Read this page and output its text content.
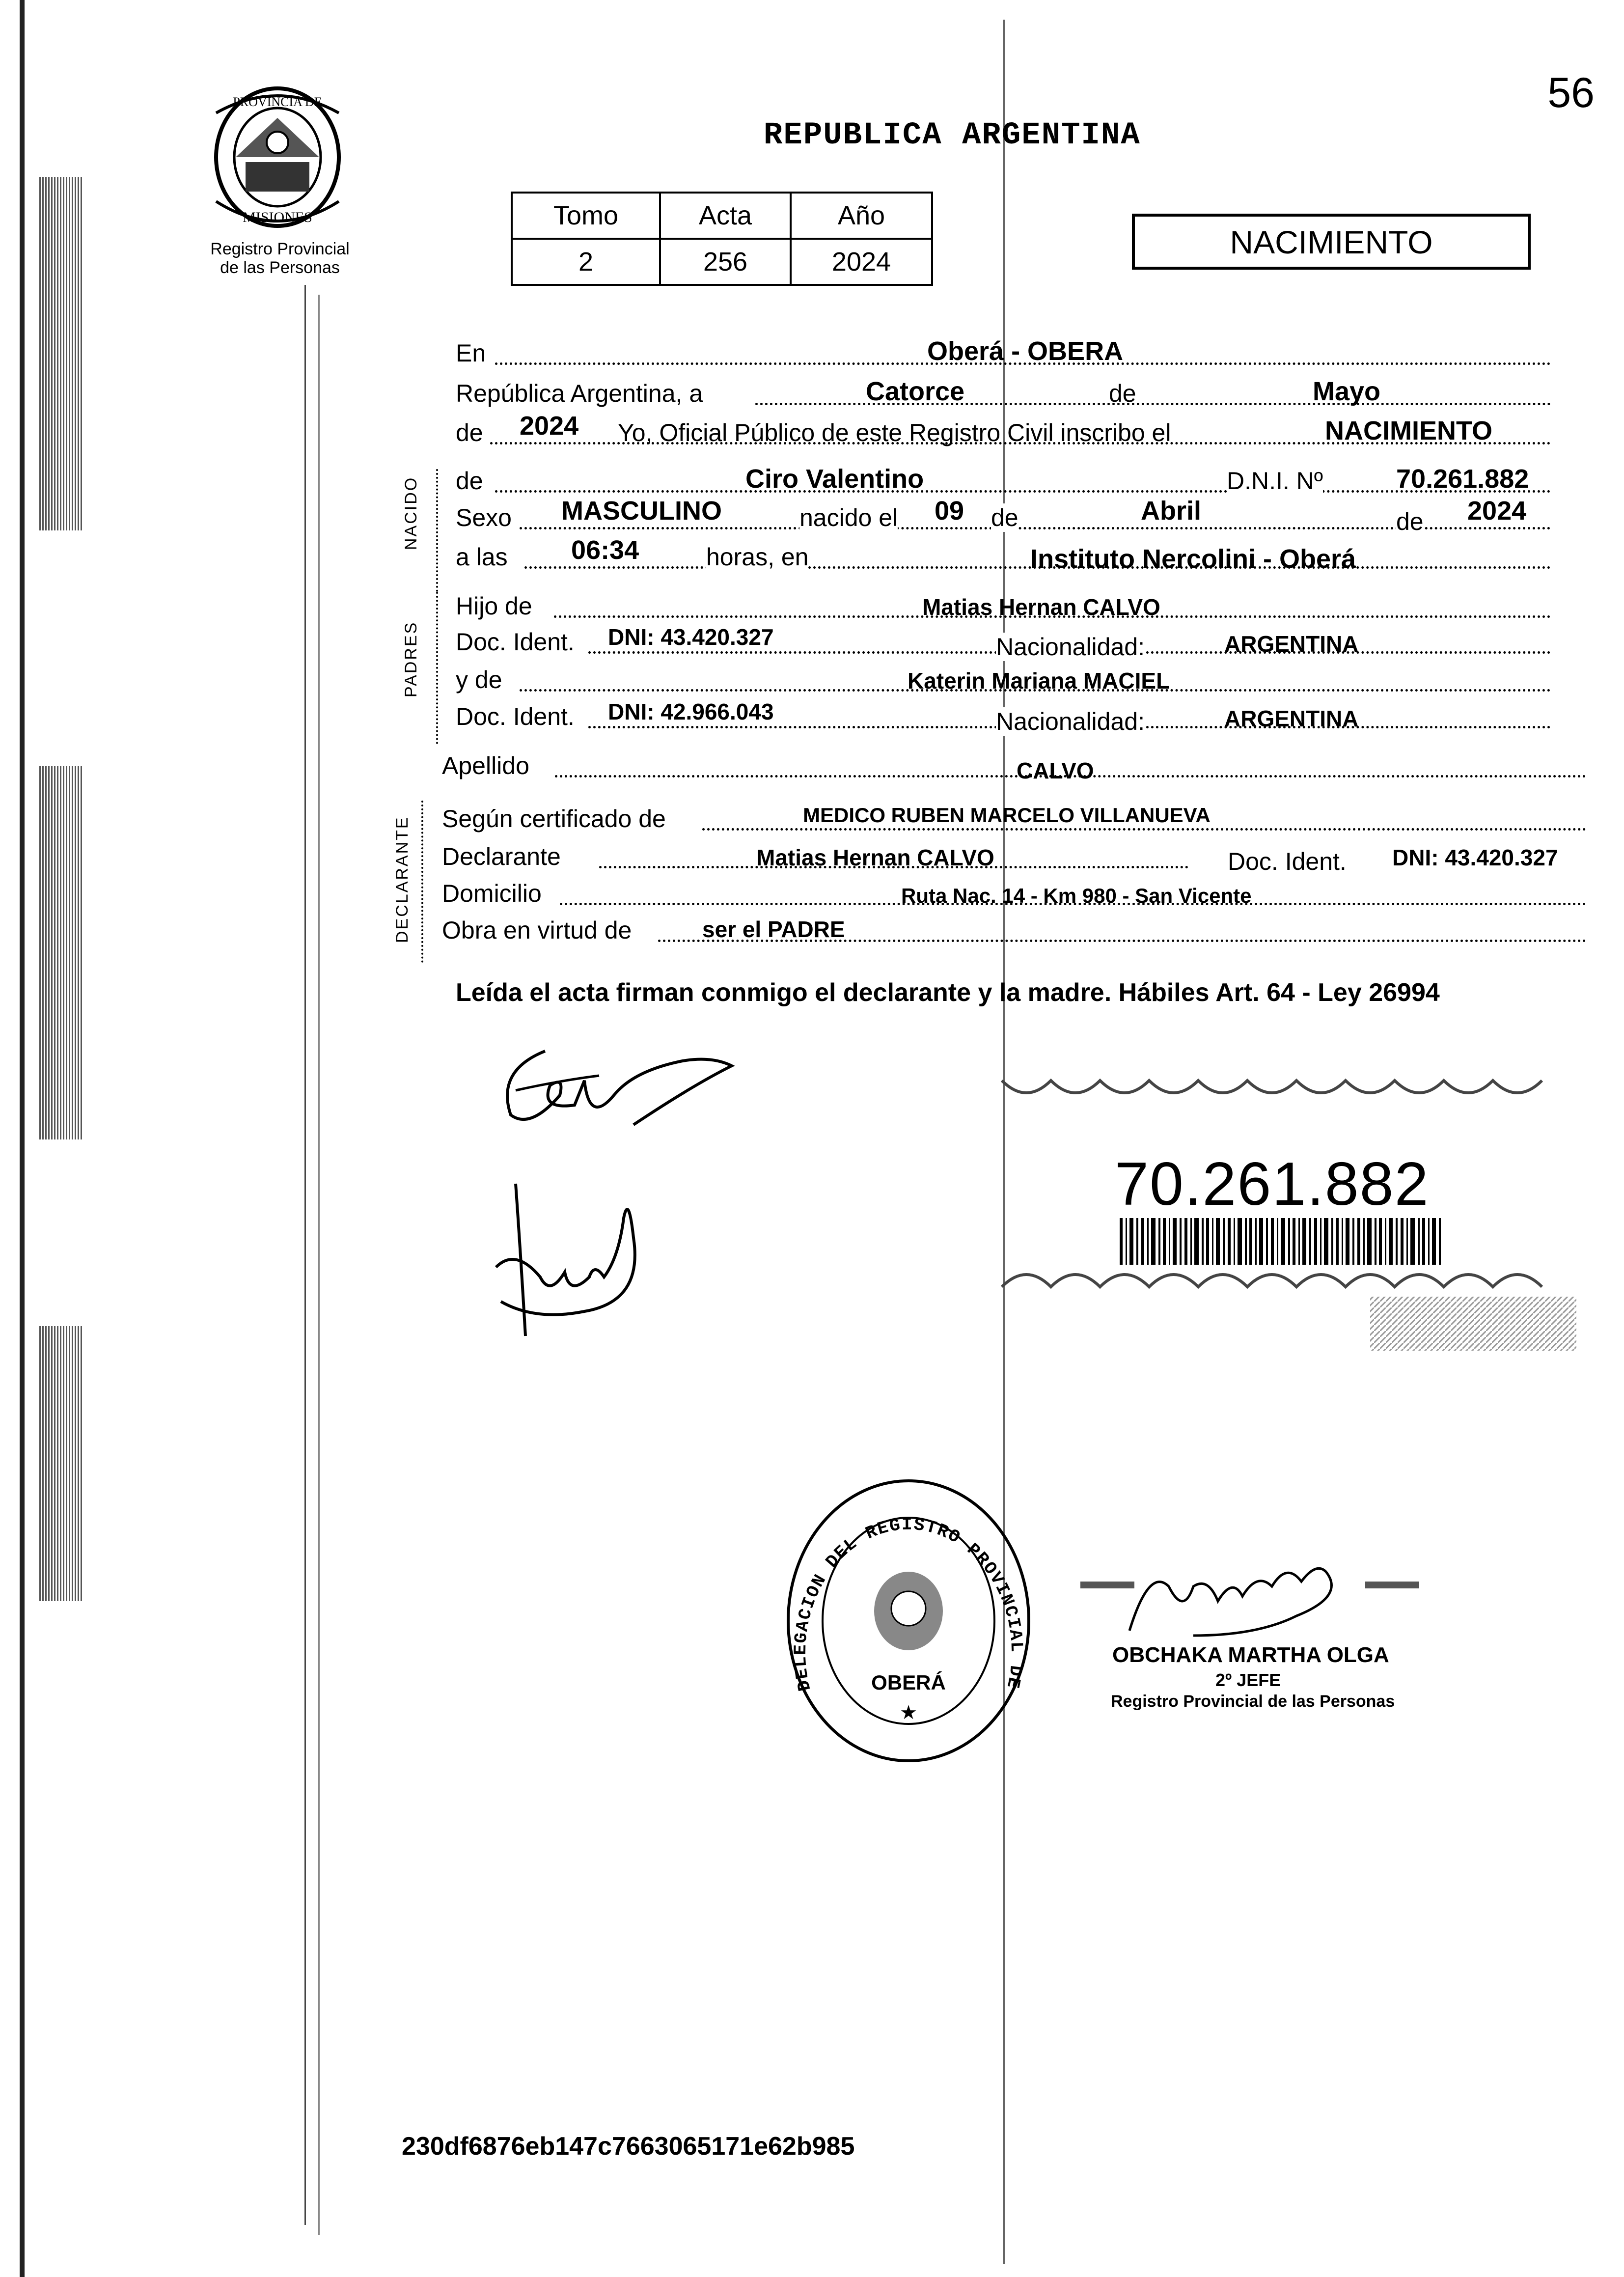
56
PROVINCIA DE
MISIONES
Registro Provincial
de las Personas
REPUBLICA ARGENTINA
Tomo	Acta	Año
2	256	2024
NACIMIENTO
En	Oberá - OBERA
República Argentina, a	Catorce	de	Mayo
de 2024 Yo, Oficial Público de este Registro Civil inscribo el	NACIMIENTO
NACIDO de	Ciro Valentino	D.N.I. Nº	70.261.882
Sexo MASCULINO	nacido el 09 de	Abril	de 2024
a las 06:34	horas, en	Instituto Nercolini - Oberá
PADRES
Hijo de	Matias Hernan CALVO
Doc. Ident. DNI: 43.420.327	Nacionalidad:	ARGENTINA
y de	Katerin Mariana MACIEL
Doc. Ident. DNI: 42.966.043	Nacionalidad:	ARGENTINA
Apellido	CALVO
DECLARANTE Según certificado de	MEDICO RUBEN MARCELO VILLANUEVA
Declarante	Matias Hernan CALVO	Doc. Ident. DNI: 43.420.327
Domicilio	Ruta Nac. 14 - Km 980 - San Vicente
Obra en virtud de	ser el PADRE
Leída el acta firman conmigo el declarante y la madre. Hábiles Art. 64 - Ley 26994
70.261.882
DELEGACION DEL REGISTRO PROVINCIAL DE
OBERÁ
★
OBCHAKA MARTHA OLGA
2º JEFE
Registro Provincial de las Personas
230df6876eb147c7663065171e62b985
